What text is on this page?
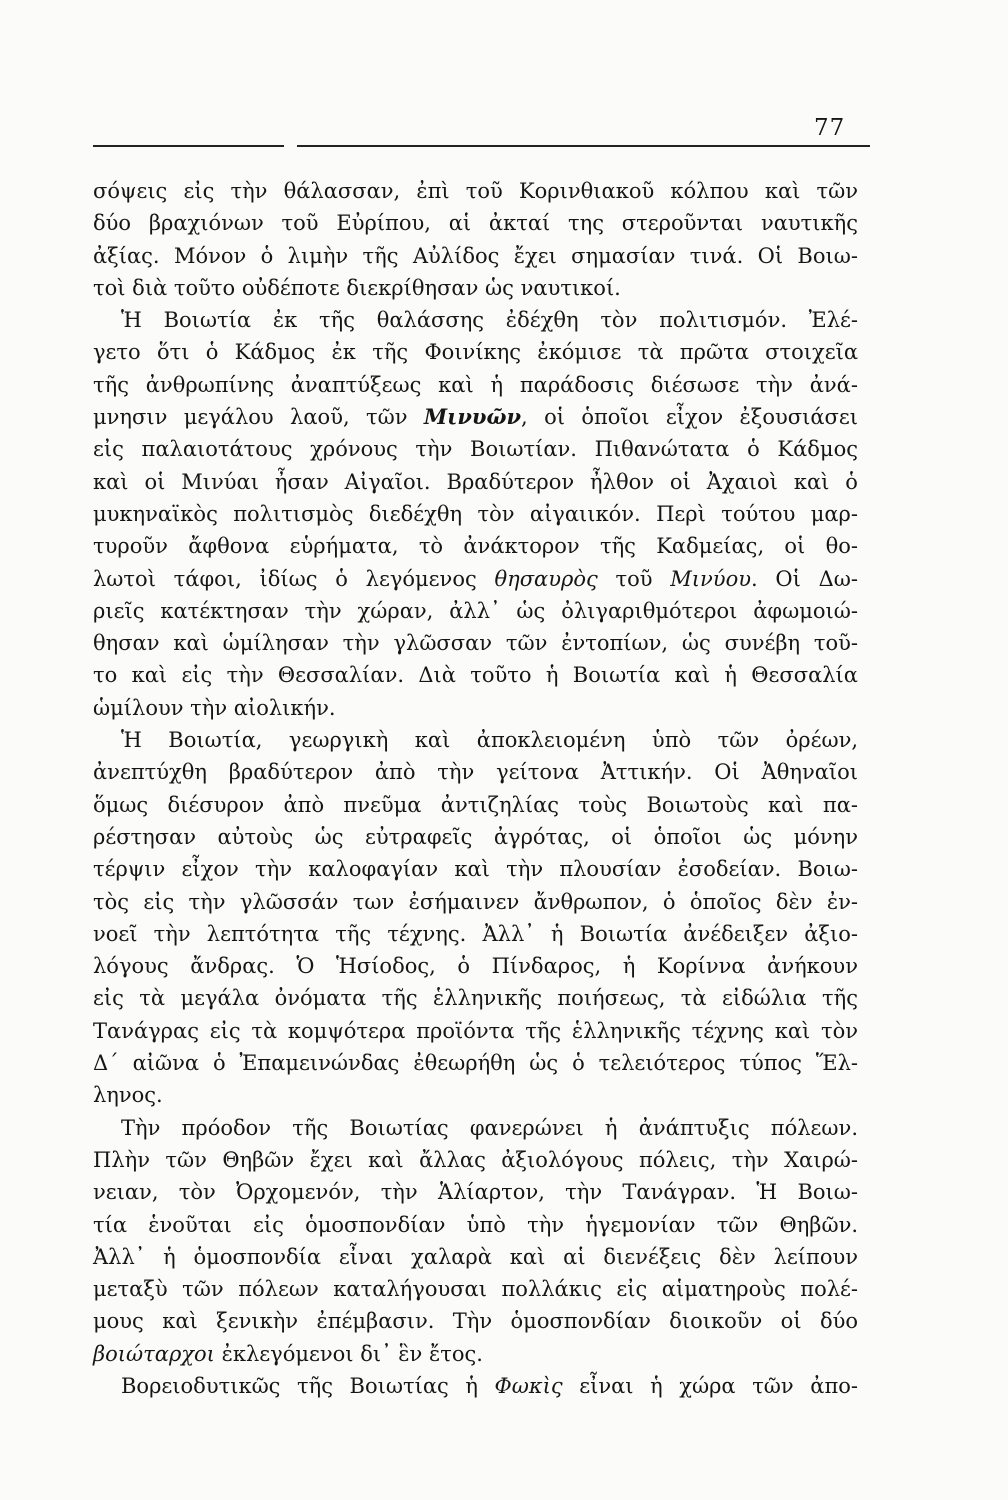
77
σόψεις εἰς τὴν θάλασσαν, ἐπὶ τοῦ Κορινθιακοῦ κόλπου καὶ τῶν
δύο βραχιόνων τοῦ Εὐρίπου, αἱ ἀκταί της στεροῦνται ναυτικῆς
ἀξίας. Μόνον ὁ λιμὴν τῆς Αὐλίδος ἔχει σημασίαν τινά. Οἱ Βοιω-
τοὶ διὰ τοῦτο οὐδέποτε διεκρίθησαν ὡς ναυτικοί.
Ἡ Βοιωτία ἐκ τῆς θαλάσσης ἐδέχθη τὸν πολιτισμόν. Ἐλέ-
γετο ὅτι ὁ Κάδμος ἐκ τῆς Φοινίκης ἐκόμισε τὰ πρῶτα στοιχεῖα
τῆς ἀνθρωπίνης ἀναπτύξεως καὶ ἡ παράδοσις διέσωσε τὴν ἀνά-
μνησιν μεγάλου λαοῦ, τῶν Μινυῶν, οἱ ὁποῖοι εἶχον ἐξουσιάσει
εἰς παλαιοτάτους χρόνους τὴν Βοιωτίαν. Πιθανώτατα ὁ Κάδμος
καὶ οἱ Μινύαι ἦσαν Αἰγαῖοι. Βραδύτερον ἦλθον οἱ Ἀχαιοὶ καὶ ὁ
μυκηναϊκὸς πολιτισμὸς διεδέχθη τὸν αἰγαιικόν. Περὶ τούτου μαρ-
τυροῦν ἄφθονα εὑρήματα, τὸ ἀνάκτορον τῆς Καδμείας, οἱ θο-
λωτοὶ τάφοι, ἰδίως ὁ λεγόμενος θησαυρὸς τοῦ Μινύου. Οἱ Δω-
ριεῖς κατέκτησαν τὴν χώραν, ἀλλ᾽ ὡς ὀλιγαριθμότεροι ἀφωμοιώ-
θησαν καὶ ὡμίλησαν τὴν γλῶσσαν τῶν ἐντοπίων, ὡς συνέβη τοῦ-
το καὶ εἰς τὴν Θεσσαλίαν. Διὰ τοῦτο ἡ Βοιωτία καὶ ἡ Θεσσαλία
ὡμίλουν τὴν αἰολικήν.
Ἡ Βοιωτία, γεωργικὴ καὶ ἀποκλειομένη ὑπὸ τῶν ὀρέων,
ἀνεπτύχθη βραδύτερον ἀπὸ τὴν γείτονα Ἀττικήν. Οἱ Ἀθηναῖοι
ὅμως διέσυρον ἀπὸ πνεῦμα ἀντιζηλίας τοὺς Βοιωτοὺς καὶ πα-
ρέστησαν αὐτοὺς ὡς εὐτραφεῖς ἀγρότας, οἱ ὁποῖοι ὡς μόνην
τέρψιν εἶχον τὴν καλοφαγίαν καὶ τὴν πλουσίαν ἐσοδείαν. Βοιω-
τὸς εἰς τὴν γλῶσσάν των ἐσήμαινεν ἄνθρωπον, ὁ ὁποῖος δὲν ἐν-
νοεῖ τὴν λεπτότητα τῆς τέχνης. Ἀλλ᾽ ἡ Βοιωτία ἀνέδειξεν ἀξιο-
λόγους ἄνδρας. Ὁ Ἡσίοδος, ὁ Πίνδαρος, ἡ Κορίννα ἀνήκουν
εἰς τὰ μεγάλα ὀνόματα τῆς ἑλληνικῆς ποιήσεως, τὰ εἰδώλια τῆς
Τανάγρας εἰς τὰ κομψότερα προϊόντα τῆς ἑλληνικῆς τέχνης καὶ τὸν
Δ΄ αἰῶνα ὁ Ἐπαμεινώνδας ἐθεωρήθη ὡς ὁ τελειότερος τύπος Ἕλ-
ληνος.
Τὴν πρόοδον τῆς Βοιωτίας φανερώνει ἡ ἀνάπτυξις πόλεων.
Πλὴν τῶν Θηβῶν ἔχει καὶ ἄλλας ἀξιολόγους πόλεις, τὴν Χαιρώ-
νειαν, τὸν Ὀρχομενόν, τὴν Ἁλίαρτον, τὴν Τανάγραν. Ἡ Βοιω-
τία ἑνοῦται εἰς ὁμοσπονδίαν ὑπὸ τὴν ἡγεμονίαν τῶν Θηβῶν.
Ἀλλ᾽ ἡ ὁμοσπονδία εἶναι χαλαρὰ καὶ αἱ διενέξεις δὲν λείπουν
μεταξὺ τῶν πόλεων καταλήγουσαι πολλάκις εἰς αἱματηροὺς πολέ-
μους καὶ ξενικὴν ἐπέμβασιν. Τὴν ὁμοσπονδίαν διοικοῦν οἱ δύο
βοιώταρχοι ἐκλεγόμενοι δι᾽ ἓν ἔτος.
Βορειοδυτικῶς τῆς Βοιωτίας ἡ Φωκὶς εἶναι ἡ χώρα τῶν ἀπο-
